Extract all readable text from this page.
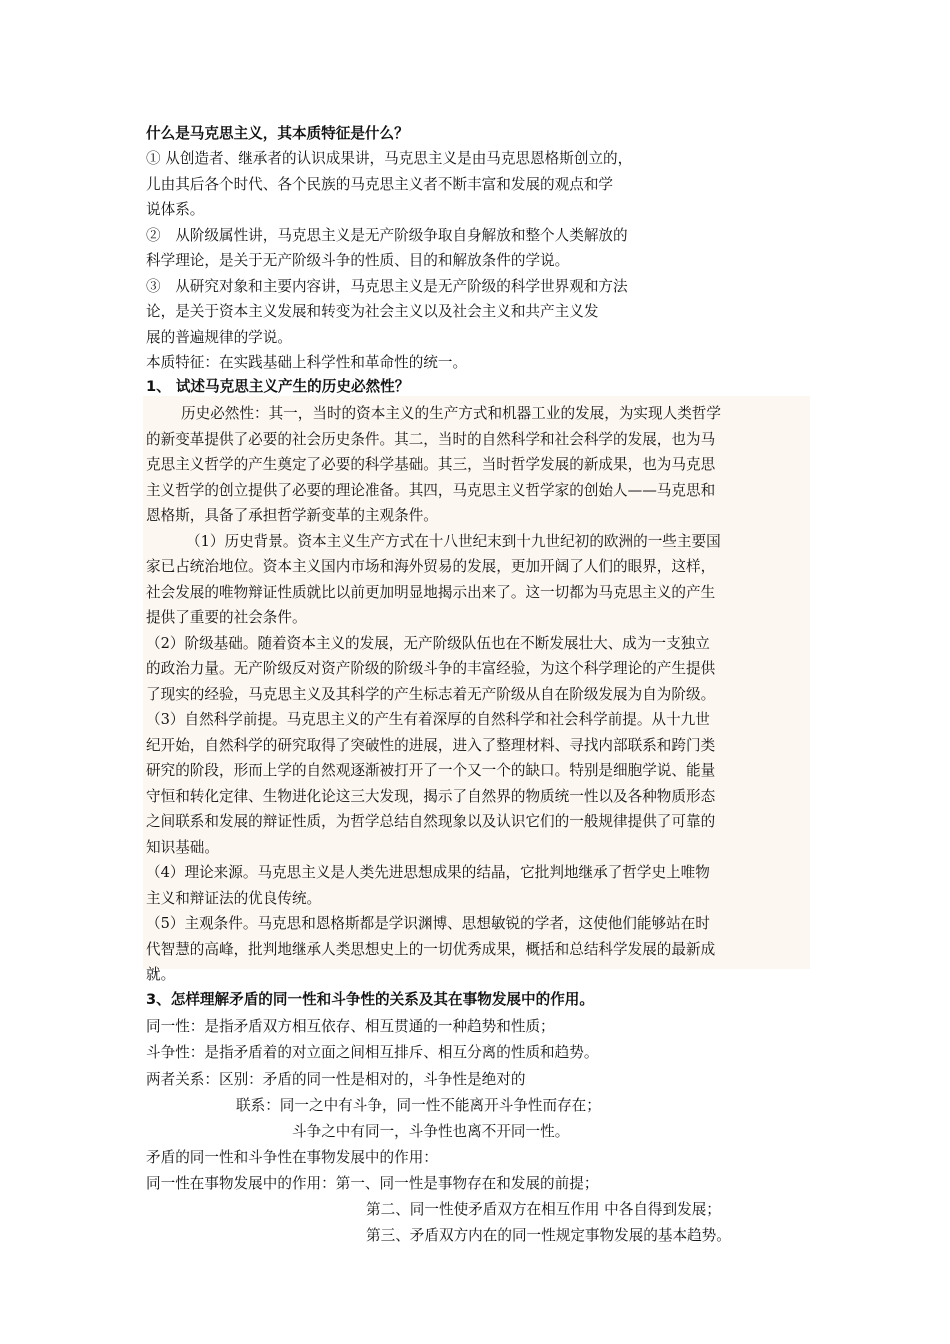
什么是马克思主义，其本质特征是什么？
① 从创造者、继承者的认识成果讲，马克思主义是由马克思恩格斯创立的，
儿由其后各个时代、各个民族的马克思主义者不断丰富和发展的观点和学
说体系。
②　从阶级属性讲，马克思主义是无产阶级争取自身解放和整个人类解放的
科学理论，是关于无产阶级斗争的性质、目的和解放条件的学说。
③　从研究对象和主要内容讲，马克思主义是无产阶级的科学世界观和方法
论，是关于资本主义发展和转变为社会主义以及社会主义和共产主义发
展的普遍规律的学说。
本质特征：在实践基础上科学性和革命性的统一。
1、 试述马克思主义产生的历史必然性？
历史必然性：其一，当时的资本主义的生产方式和机器工业的发展，为实现人类哲学
的新变革提供了必要的社会历史条件。其二，当时的自然科学和社会科学的发展，也为马
克思主义哲学的产生奠定了必要的科学基础。其三，当时哲学发展的新成果，也为马克思
主义哲学的创立提供了必要的理论准备。其四，马克思主义哲学家的创始人——马克思和
恩格斯，具备了承担哲学新变革的主观条件。
（1）历史背景。资本主义生产方式在十八世纪末到十九世纪初的欧洲的一些主要国
家已占统治地位。资本主义国内市场和海外贸易的发展，更加开阔了人们的眼界，这样，
社会发展的唯物辩证性质就比以前更加明显地揭示出来了。这一切都为马克思主义的产生
提供了重要的社会条件。
（2）阶级基础。随着资本主义的发展，无产阶级队伍也在不断发展壮大、成为一支独立
的政治力量。无产阶级反对资产阶级的阶级斗争的丰富经验，为这个科学理论的产生提供
了现实的经验，马克思主义及其科学的产生标志着无产阶级从自在阶级发展为自为阶级。
（3）自然科学前提。马克思主义的产生有着深厚的自然科学和社会科学前提。从十九世
纪开始，自然科学的研究取得了突破性的进展，进入了整理材料、寻找内部联系和跨门类
研究的阶段，形而上学的自然观逐渐被打开了一个又一个的缺口。特别是细胞学说、能量
守恒和转化定律、生物进化论这三大发现，揭示了自然界的物质统一性以及各种物质形态
之间联系和发展的辩证性质，为哲学总结自然现象以及认识它们的一般规律提供了可靠的
知识基础。
（4）理论来源。马克思主义是人类先进思想成果的结晶，它批判地继承了哲学史上唯物
主义和辩证法的优良传统。
（5）主观条件。马克思和恩格斯都是学识渊博、思想敏锐的学者，这使他们能够站在时
代智慧的高峰，批判地继承人类思想史上的一切优秀成果，概括和总结科学发展的最新成
就。
3、怎样理解矛盾的同一性和斗争性的关系及其在事物发展中的作用。
同一性：是指矛盾双方相互依存、相互贯通的一种趋势和性质；
斗争性：是指矛盾着的对立面之间相互排斥、相互分离的性质和趋势。
两者关系：区别：矛盾的同一性是相对的，斗争性是绝对的
联系：同一之中有斗争，同一性不能离开斗争性而存在；
斗争之中有同一，斗争性也离不开同一性。
矛盾的同一性和斗争性在事物发展中的作用：
同一性在事物发展中的作用：第一、同一性是事物存在和发展的前提；
第二、同一性使矛盾双方在相互作用 中各自得到发展；
第三、矛盾双方内在的同一性规定事物发展的基本趋势。
